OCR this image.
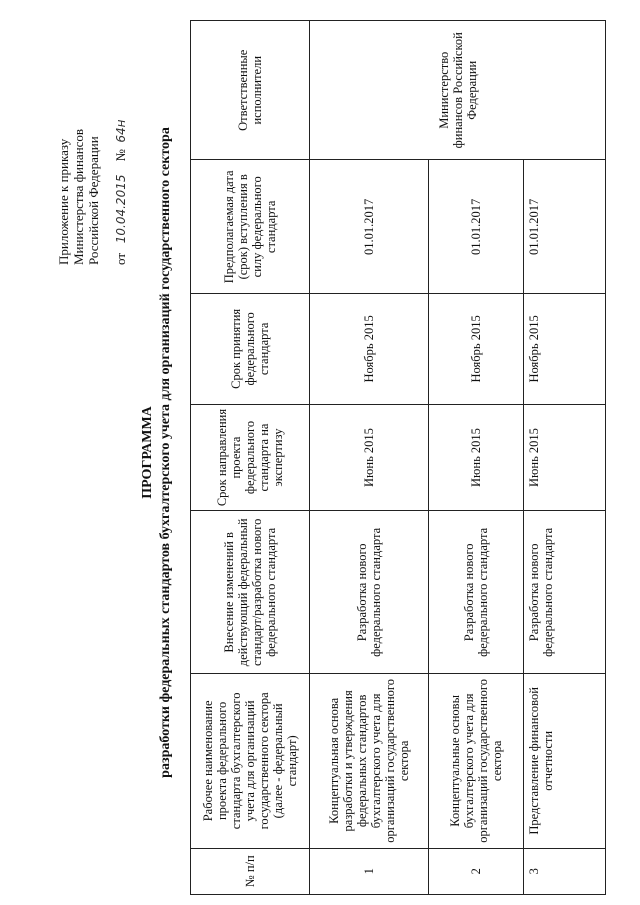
Приложение к приказу Министерства финансов Российской Федерации от   10.04.2015    №  64н
ПРОГРАММА разработки федеральных стандартов бухгалтерского учета для организаций государственного сектора
№ п/п	Рабочее наименование проекта федерального стандарта бухгалтерского учета для организаций государственного сектора (далее - федеральный стандарт)	Внесение изменений в действующий федеральный стандарт/разработка нового федерального стандарта	Срок направления проекта федерального стандарта на экспертизу	Срок принятия федерального стандарта	Предполагаемая дата (срок) вступления в силу федерального стандарта	Ответственные исполнители
1	Концептуальная основа разработки и утверждения федеральных стандартов бухгалтерского учета для организаций государственного сектора	Разработка нового федерального стандарта	Июнь 2015	Ноябрь 2015	01.01.2017	Министерство финансов Российской Федерации
2	Концептуальные основы бухгалтерского учета для организаций государственного сектора	Разработка нового федерального стандарта	Июнь 2015	Ноябрь 2015	01.01.2017	
3	Представление финансовой отчетности	Разработка нового федерального стандарта	Июнь 2015	Ноябрь 2015	01.01.2017	
